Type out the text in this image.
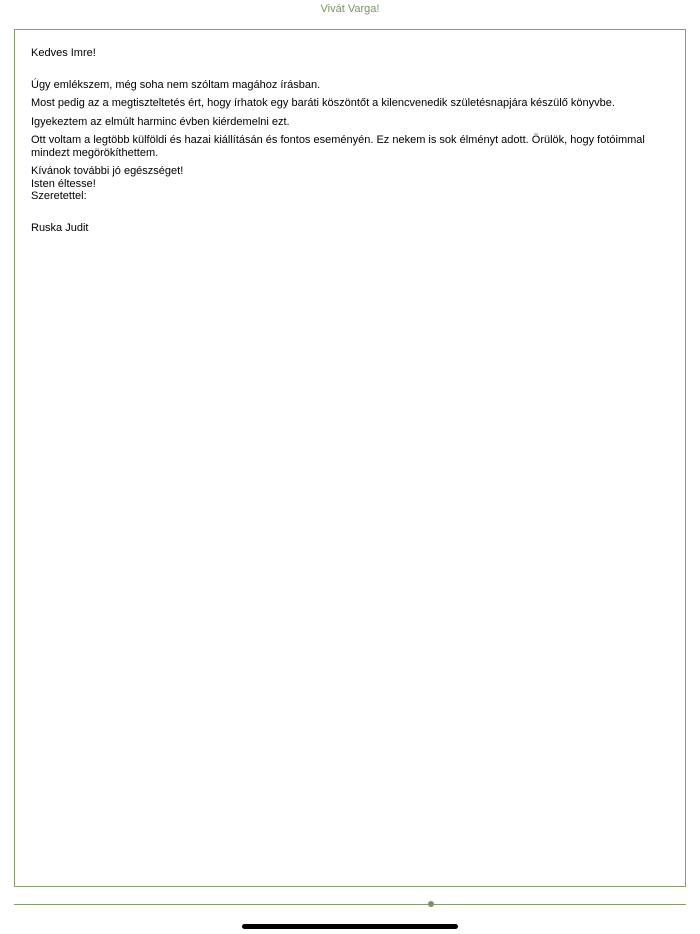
Vivát Varga!

Kedves Imre!

Úgy emlékszem, még soha nem szóltam magához írásban.

Most pedig az a megtiszteltetés ért, hogy írhatok egy baráti köszöntőt a kilencvenedik születésnapjára készülő könyvbe.

Igyekeztem az elmúlt harminc évben kiérdemelni ezt.

Ott voltam a legtöbb külföldi és hazai kiállításán és fontos eseményén. Ez nekem is sok élményt adott. Örülök, hogy fotóimmal mindezt megörökíthettem.

Kívánok további jó egészséget!

Isten éltesse!

Szeretettel:

Ruska Judit
